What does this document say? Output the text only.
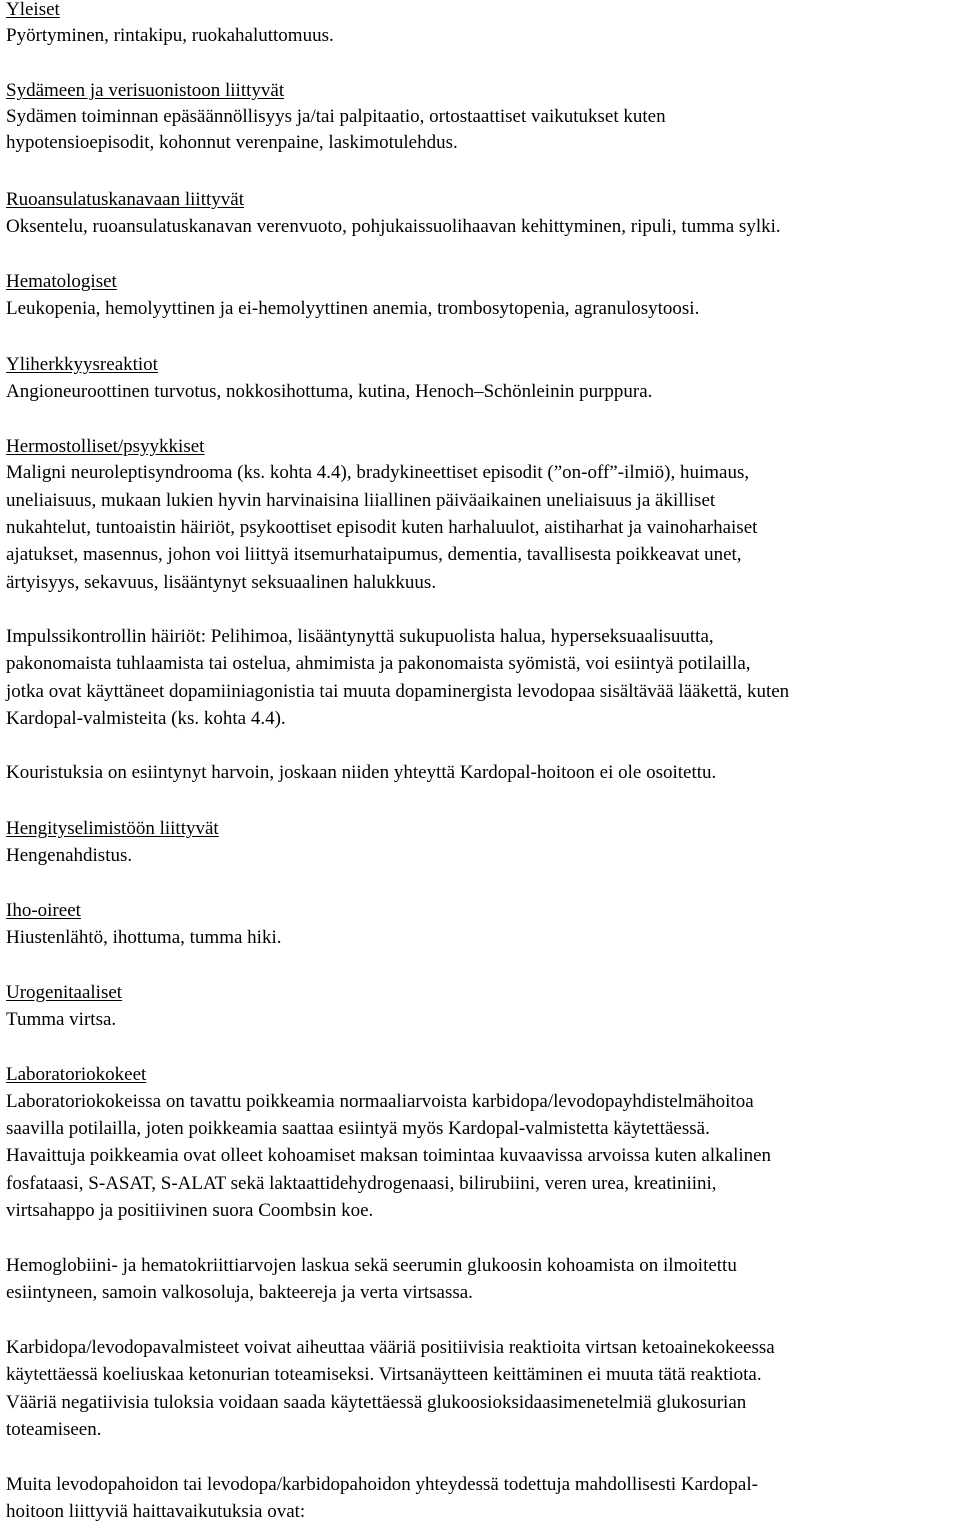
Yleiset
Pyörtyminen, rintakipu, ruokahaluttomuus.
Sydämeen ja verisuonistoon liittyvät
Sydämen toiminnan epäsäännöllisyys ja/tai palpitaatio, ortostaattiset vaikutukset kuten
hypotensioepisodit, kohonnut verenpaine, laskimotulehdus.
Ruoansulatuskanavaan liittyvät
Oksentelu, ruoansulatuskanavan verenvuoto, pohjukaissuolihaavan kehittyminen, ripuli, tumma sylki.
Hematologiset
Leukopenia, hemolyyttinen ja ei-hemolyyttinen anemia, trombosytopenia, agranulosytoosi.
Yliherkkyysreaktiot
Angioneuroottinen turvotus, nokkosihottuma, kutina, Henoch–Schönleinin purppura.
Hermostolliset/psyykkiset
Maligni neuroleptisyndrooma (ks. kohta 4.4), bradykineettiset episodit (”on-off”-ilmiö), huimaus,
uneliaisuus, mukaan lukien hyvin harvinaisina liiallinen päiväaikainen uneliaisuus ja äkilliset
nukahtelut, tuntoaistin häiriöt, psykoottiset episodit kuten harhaluulot, aistiharhat ja vainoharhaiset
ajatukset, masennus, johon voi liittyä itsemurhataipumus, dementia, tavallisesta poikkeavat unet,
ärtyisyys, sekavuus, lisääntynyt seksuaalinen halukkuus.
Impulssikontrollin häiriöt: Pelihimoa, lisääntynyttä sukupuolista halua, hyperseksuaalisuutta,
pakonomaista tuhlaamista tai ostelua, ahmimista ja pakonomaista syömistä, voi esiintyä potilailla,
jotka ovat käyttäneet dopamiiniagonistia tai muuta dopaminergista levodopaa sisältävää lääkettä, kuten
Kardopal-valmisteita (ks. kohta 4.4).
Kouristuksia on esiintynyt harvoin, joskaan niiden yhteyttä Kardopal-hoitoon ei ole osoitettu.
Hengityselimistöön liittyvät
Hengenahdistus.
Iho-oireet
Hiustenlähtö, ihottuma, tumma hiki.
Urogenitaaliset
Tumma virtsa.
Laboratoriokokeet
Laboratoriokokeissa on tavattu poikkeamia normaaliarvoista karbidopa/levodopayhdistelmähoitoa
saavilla potilailla, joten poikkeamia saattaa esiintyä myös Kardopal-valmistetta käytettäessä.
Havaittuja poikkeamia ovat olleet kohoamiset maksan toimintaa kuvaavissa arvoissa kuten alkalinen
fosfataasi, S-ASAT, S-ALAT sekä laktaattidehydrogenaasi, bilirubiini, veren urea, kreatiniini,
virtsahappo ja positiivinen suora Coombsin koe.
Hemoglobiini- ja hematokriittiarvojen laskua sekä seerumin glukoosin kohoamista on ilmoitettu
esiintyneen, samoin valkosoluja, bakteereja ja verta virtsassa.
Karbidopa/levodopavalmisteet voivat aiheuttaa vääriä positiivisia reaktioita virtsan ketoainekokeessa
käytettäessä koeliuskaa ketonurian toteamiseksi. Virtsanäytteen keittäminen ei muuta tätä reaktiota.
Vääriä negatiivisia tuloksia voidaan saada käytettäessä glukoosioksidaasimenetelmiä glukosurian
toteamiseen.
Muita levodopahoidon tai levodopa/karbidopahoidon yhteydessä todettuja mahdollisesti Kardopal-
hoitoon liittyviä haittavaikutuksia ovat:
